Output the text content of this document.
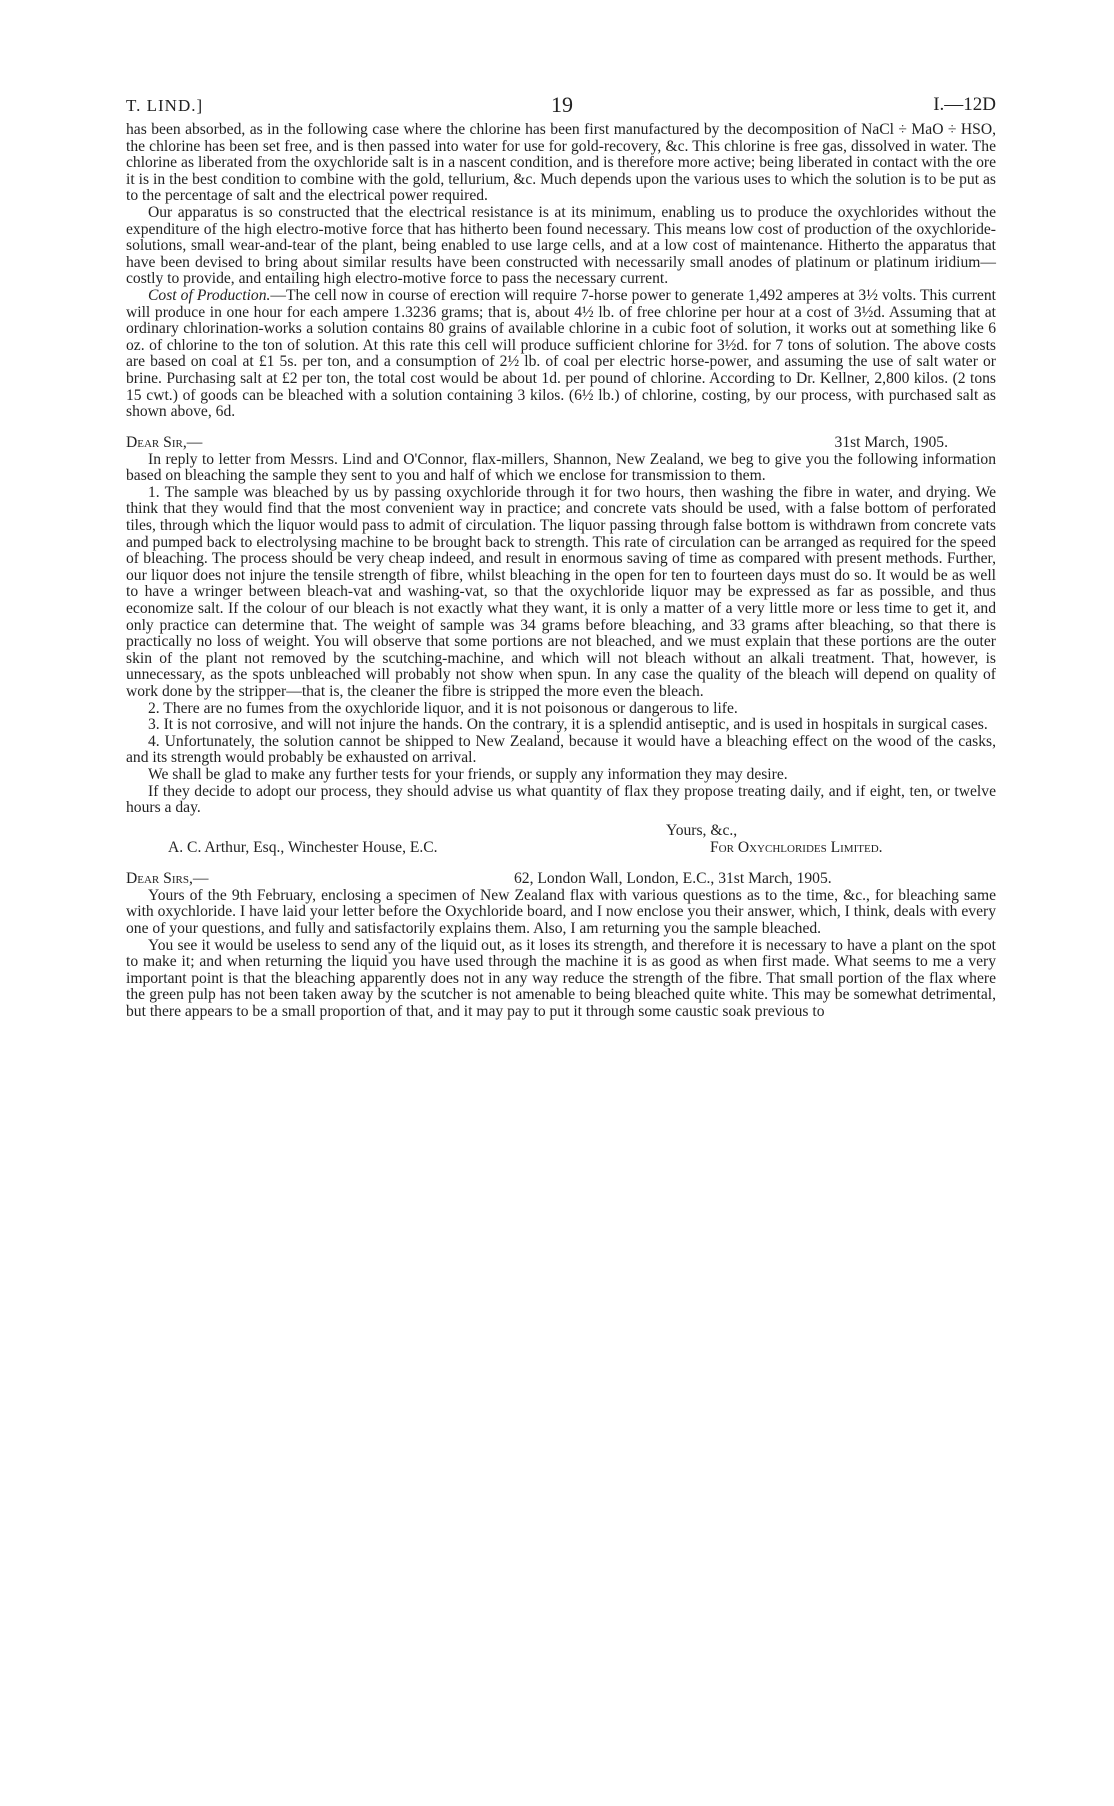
T. LIND.]	19	I.—12D

has been absorbed, as in the following case where the chlorine has been first manufactured by the decomposition of NaCl ÷ MaO ÷ HSO, the chlorine has been set free, and is then passed into water for use for gold-recovery, &c. This chlorine is free gas, dissolved in water. The chlorine as liberated from the oxychloride salt is in a nascent condition, and is therefore more active; being liberated in contact with the ore it is in the best condition to combine with the gold, tellurium, &c. Much depends upon the various uses to which the solution is to be put as to the percentage of salt and the electrical power required.

Our apparatus is so constructed that the electrical resistance is at its minimum, enabling us to produce the oxychlorides without the expenditure of the high electro-motive force that has hitherto been found necessary. This means low cost of production of the oxychloride-solutions, small wear-and-tear of the plant, being enabled to use large cells, and at a low cost of maintenance. Hitherto the apparatus that have been devised to bring about similar results have been constructed with necessarily small anodes of platinum or platinum iridium—costly to provide, and entailing high electro-motive force to pass the necessary current.

Cost of Production.—The cell now in course of erection will require 7-horse power to generate 1,492 amperes at 3½ volts. This current will produce in one hour for each ampere 1.3236 grams; that is, about 4½ lb. of free chlorine per hour at a cost of 3½d. Assuming that at ordinary chlorination-works a solution contains 80 grains of available chlorine in a cubic foot of solution, it works out at something like 6 oz. of chlorine to the ton of solution. At this rate this cell will produce sufficient chlorine for 3½d. for 7 tons of solution. The above costs are based on coal at £1 5s. per ton, and a consumption of 2½ lb. of coal per electric horse-power, and assuming the use of salt water or brine. Purchasing salt at £2 per ton, the total cost would be about 1d. per pound of chlorine. According to Dr. Kellner, 2,800 kilos. (2 tons 15 cwt.) of goods can be bleached with a solution containing 3 kilos. (6½ lb.) of chlorine, costing, by our process, with purchased salt as shown above, 6d.

Dear Sir,—	31st March, 1905.

In reply to letter from Messrs. Lind and O'Connor, flax-millers, Shannon, New Zealand, we beg to give you the following information based on bleaching the sample they sent to you and half of which we enclose for transmission to them.

1. The sample was bleached by us by passing oxychloride through it for two hours, then washing the fibre in water, and drying. We think that they would find that the most convenient way in practice; and concrete vats should be used, with a false bottom of perforated tiles, through which the liquor would pass to admit of circulation. The liquor passing through false bottom is withdrawn from concrete vats and pumped back to electrolysing machine to be brought back to strength. This rate of circulation can be arranged as required for the speed of bleaching. The process should be very cheap indeed, and result in enormous saving of time as compared with present methods. Further, our liquor does not injure the tensile strength of fibre, whilst bleaching in the open for ten to fourteen days must do so. It would be as well to have a wringer between bleach-vat and washing-vat, so that the oxychloride liquor may be expressed as far as possible, and thus economize salt. If the colour of our bleach is not exactly what they want, it is only a matter of a very little more or less time to get it, and only practice can determine that. The weight of sample was 34 grams before bleaching, and 33 grams after bleaching, so that there is practically no loss of weight. You will observe that some portions are not bleached, and we must explain that these portions are the outer skin of the plant not removed by the scutching-machine, and which will not bleach without an alkali treatment. That, however, is unnecessary, as the spots unbleached will probably not show when spun. In any case the quality of the bleach will depend on quality of work done by the stripper—that is, the cleaner the fibre is stripped the more even the bleach.

2. There are no fumes from the oxychloride liquor, and it is not poisonous or dangerous to life.

3. It is not corrosive, and will not injure the hands. On the contrary, it is a splendid antiseptic, and is used in hospitals in surgical cases.

4. Unfortunately, the solution cannot be shipped to New Zealand, because it would have a bleaching effect on the wood of the casks, and its strength would probably be exhausted on arrival.

We shall be glad to make any further tests for your friends, or supply any information they may desire.

If they decide to adopt our process, they should advise us what quantity of flax they propose treating daily, and if eight, ten, or twelve hours a day.

Yours, &c.,
A. C. Arthur, Esq., Winchester House, E.C.	For Oxychlorides Limited.
Dear Sirs,—	62, London Wall, London, E.C., 31st March, 1905.

Yours of the 9th February, enclosing a specimen of New Zealand flax with various questions as to the time, &c., for bleaching same with oxychloride. I have laid your letter before the Oxychloride board, and I now enclose you their answer, which, I think, deals with every one of your questions, and fully and satisfactorily explains them. Also, I am returning you the sample bleached.

You see it would be useless to send any of the liquid out, as it loses its strength, and therefore it is necessary to have a plant on the spot to make it; and when returning the liquid you have used through the machine it is as good as when first made. What seems to me a very important point is that the bleaching apparently does not in any way reduce the strength of the fibre. That small portion of the flax where the green pulp has not been taken away by the scutcher is not amenable to being bleached quite white. This may be somewhat detrimental, but there appears to be a small proportion of that, and it may pay to put it through some caustic soak previous to
